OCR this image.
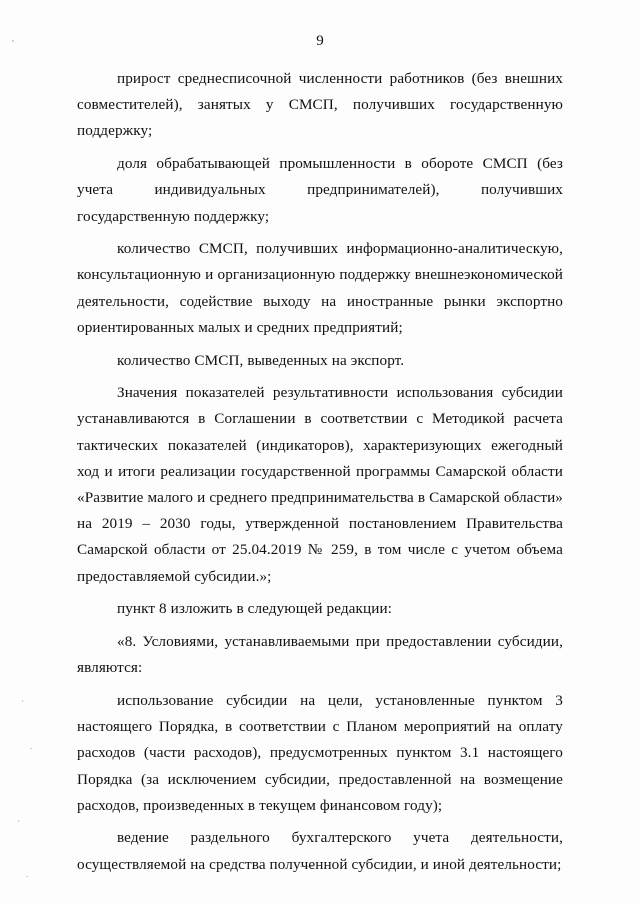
9

прирост среднесписочной численности работников (без внешних совместителей), занятых у СМСП, получивших государственную поддержку;

доля обрабатывающей промышленности в обороте СМСП (без учета индивидуальных предпринимателей), получивших государственную поддержку;

количество СМСП, получивших информационно-аналитическую, консультационную и организационную поддержку внешнеэкономической деятельности, содействие выходу на иностранные рынки экспортно ориентированных малых и средних предприятий;

количество СМСП, выведенных на экспорт.

Значения показателей результативности использования субсидии устанавливаются в Соглашении в соответствии с Методикой расчета тактических показателей (индикаторов), характеризующих ежегодный ход и итоги реализации государственной программы Самарской области «Развитие малого и среднего предпринимательства в Самарской области» на 2019 – 2030 годы, утвержденной постановлением Правительства Самарской области от 25.04.2019 № 259, в том числе с учетом объема предоставляемой субсидии.»;

пункт 8 изложить в следующей редакции:

«8. Условиями, устанавливаемыми при предоставлении субсидии, являются:

использование субсидии на цели, установленные пунктом 3 настоящего Порядка, в соответствии с Планом мероприятий на оплату расходов (части расходов), предусмотренных пунктом 3.1 настоящего Порядка (за исключением субсидии, предоставленной на возмещение расходов, произведенных в текущем финансовом году);

ведение раздельного бухгалтерского учета деятельности, осуществляемой на средства полученной субсидии, и иной деятельности;
